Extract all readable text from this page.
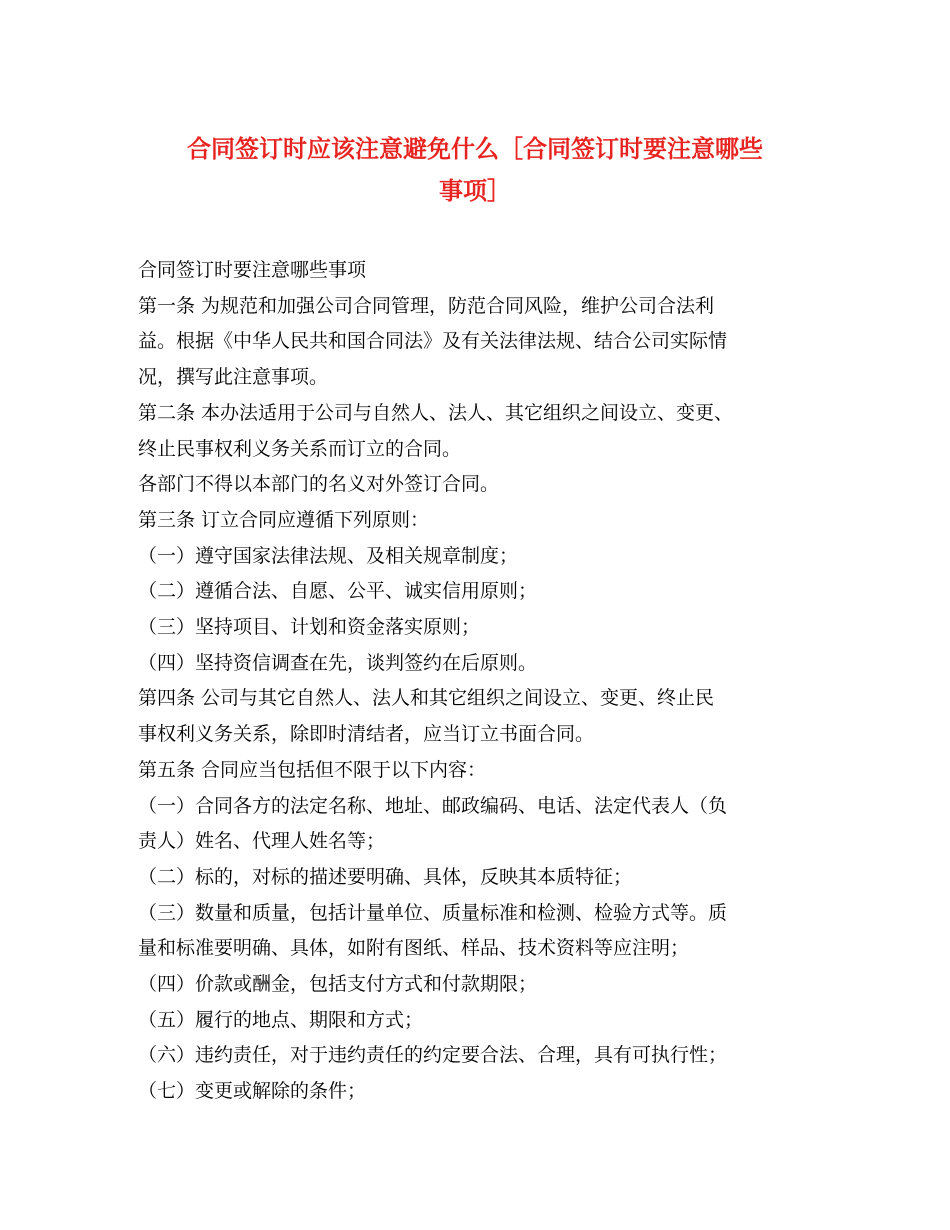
合同签订时应该注意避免什么［合同签订时要注意哪些
事项］

合同签订时要注意哪些事项

第一条 为规范和加强公司合同管理，防范合同风险，维护公司合法利

益。根据《中华人民共和国合同法》及有关法律法规、结合公司实际情

况，撰写此注意事项。

第二条 本办法适用于公司与自然人、法人、其它组织之间设立、变更、

终止民事权利义务关系而订立的合同。

各部门不得以本部门的名义对外签订合同。

第三条 订立合同应遵循下列原则：

（一）遵守国家法律法规、及相关规章制度；

（二）遵循合法、自愿、公平、诚实信用原则；

（三）坚持项目、计划和资金落实原则；

（四）坚持资信调查在先，谈判签约在后原则。

第四条 公司与其它自然人、法人和其它组织之间设立、变更、终止民

事权利义务关系，除即时清结者，应当订立书面合同。

第五条 合同应当包括但不限于以下内容：

（一）合同各方的法定名称、地址、邮政编码、电话、法定代表人（负

责人）姓名、代理人姓名等；

（二）标的，对标的描述要明确、具体，反映其本质特征；

（三）数量和质量，包括计量单位、质量标准和检测、检验方式等。质

量和标准要明确、具体，如附有图纸、样品、技术资料等应注明；

（四）价款或酬金，包括支付方式和付款期限；

（五）履行的地点、期限和方式；

（六）违约责任，对于违约责任的约定要合法、合理，具有可执行性；

（七）变更或解除的条件；
